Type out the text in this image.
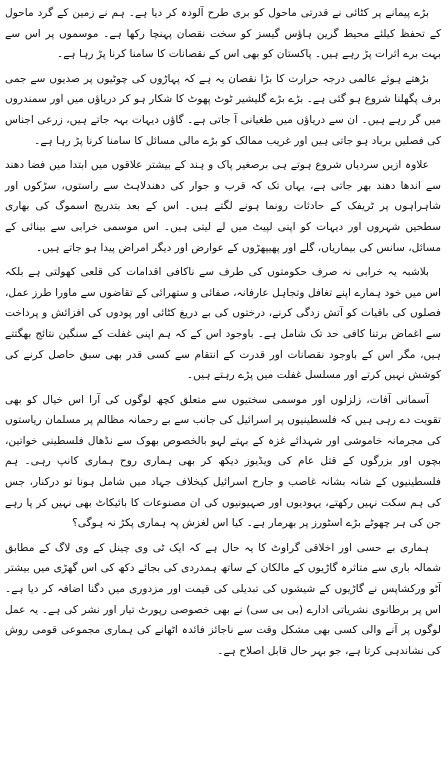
بڑے پیمانے پر کٹائی نے قدرتی ماحول کو بری طرح آلودہ کر دیا ہے۔ ہم نے زمین کے گرد ماحول کے تحفظ کیلئے محیط گرین ہاؤس گیسز کو سخت نقصان پہنچا رکھا ہے۔ موسموں پر اس سے بہت برے اثرات پڑ رہے ہیں۔ پاکستان کو بھی اس کے نقصانات کا سامنا کرنا پڑ رہا ہے۔

بڑھتے ہوئے عالمی درجہ حرارت کا بڑا نقصان یہ ہے کہ پہاڑوں کی چوٹیوں پر صدیوں سے جمی برف پگھلنا شروع ہو گئی ہے۔ بڑے بڑے گلیشیر ٹوٹ پھوٹ کا شکار ہو کر دریاؤں میں اور سمندروں میں گر رہے ہیں۔ ان سے دریاؤں میں طغیانی آ جاتی ہے۔ گاؤں دیہات بہہ جاتے ہیں، زرعی اجناس کی فصلیں برباد ہو جاتی ہیں اور غریب ممالک کو بڑے مالی مسائل کا سامنا کرنا پڑ رہا ہے۔

علاوہ ازیں سردیاں شروع ہوتے ہی برصغیر پاک و ہند کے بیشتر علاقوں میں ابتدا میں فضا دھند سے اندھا دھند بھر جاتی ہے، یہاں تک کہ قرب و جوار کی دھندلاہٹ سے راستوں، سڑکوں اور شاہراہوں پر ٹریفک کے حادثات رونما ہونے لگتے ہیں۔ اس کے بعد بتدریج اسموگ کی بھاری سطحیں شہروں اور دیہات کو اپنی لپیٹ میں لے لیتی ہیں۔ اس موسمی خرابی سے بینائی کے مسائل، سانس کی بیماریاں، گلے اور پھیپھڑوں کے عوارض اور دیگر امراض پیدا ہو جاتے ہیں۔

بلاشبہ یہ خرابی نہ صرف حکومتوں کی طرف سے ناکافی اقدامات کی قلعی کھولتی ہے بلکہ اس میں خود ہمارے اپنے تغافل وتجاہل عارفانہ، صفائی و ستھرائی کے تقاضوں سے ماورا طرز عمل، فصلوں کی باقیات کو آتش زدگی کرنے، درختوں کی بے دریغ کٹائی اور پودوں کی افزائش و پرداخت سے اغماض برتنا کافی حد تک شامل ہے۔ باوجود اس کے کہ ہم اپنی غفلت کے سنگین نتائج بھگتتے ہیں، مگر اس کے باوجود نقصانات اور قدرت کے انتقام سے کسی قدر بھی سبق حاصل کرنے کی کوشش نہیں کرتے اور مسلسل غفلت میں پڑے رہتے ہیں۔

آسمانی آفات، زلزلوں اور موسمی سختیوں سے متعلق کچھ لوگوں کی آرا اس خیال کو بھی تقویت دے رہی ہیں کہ فلسطینیوں پر اسرائیل کی جانب سے بے رحمانہ مظالم پر مسلمان ریاستوں کی مجرمانہ خاموشی اور شہدائے غزہ کے بہتے لہو بالخصوص بھوک سے نڈھال فلسطینی خواتین، بچوں اور بزرگوں کے قتل عام کی ویڈیوز دیکھ کر بھی ہماری روح ہماری کانپ رہی۔ ہم فلسطینیوں کے شانہ بشانہ غاصب و جارح اسرائیل کیخلاف جہاد میں شامل ہونا تو درکنار، جس کی ہم سکت نہیں رکھتے، یہودیوں اور صہیونیوں کی ان مصنوعات کا بائیکاٹ بھی نہیں کر پا رہے جن کی ہر چھوٹے بڑے اسٹورز پر بھرمار ہے۔ کیا اس لغزش پہ ہماری پکڑ نہ ہوگی؟

ہماری بے حسی اور اخلاقی گراوٹ کا یہ حال ہے کہ ایک ٹی وی چینل کے وی لاگ کے مطابق شمالہ باری سے متاثرہ گاڑیوں کے مالکان کے ساتھ ہمدردی کی بجائے دکھ کی اس گھڑی میں بیشتر آٹو ورکشاپس نے گاڑیوں کے شیشوں کی تبدیلی کی قیمت اور مزدوری میں دگنا اضافہ کر دیا ہے۔ اس پر برطانوی نشریاتی ادارے (بی بی سی) نے بھی خصوصی رپورٹ تیار اور نشر کی ہے۔ یہ عمل لوگوں پر آنے والی کسی بھی مشکل وقت سے ناجائز فائدہ اٹھانے کی ہماری مجموعی قومی روش کی نشاندہی کرتا ہے، جو بہر حال قابل اصلاح ہے۔
